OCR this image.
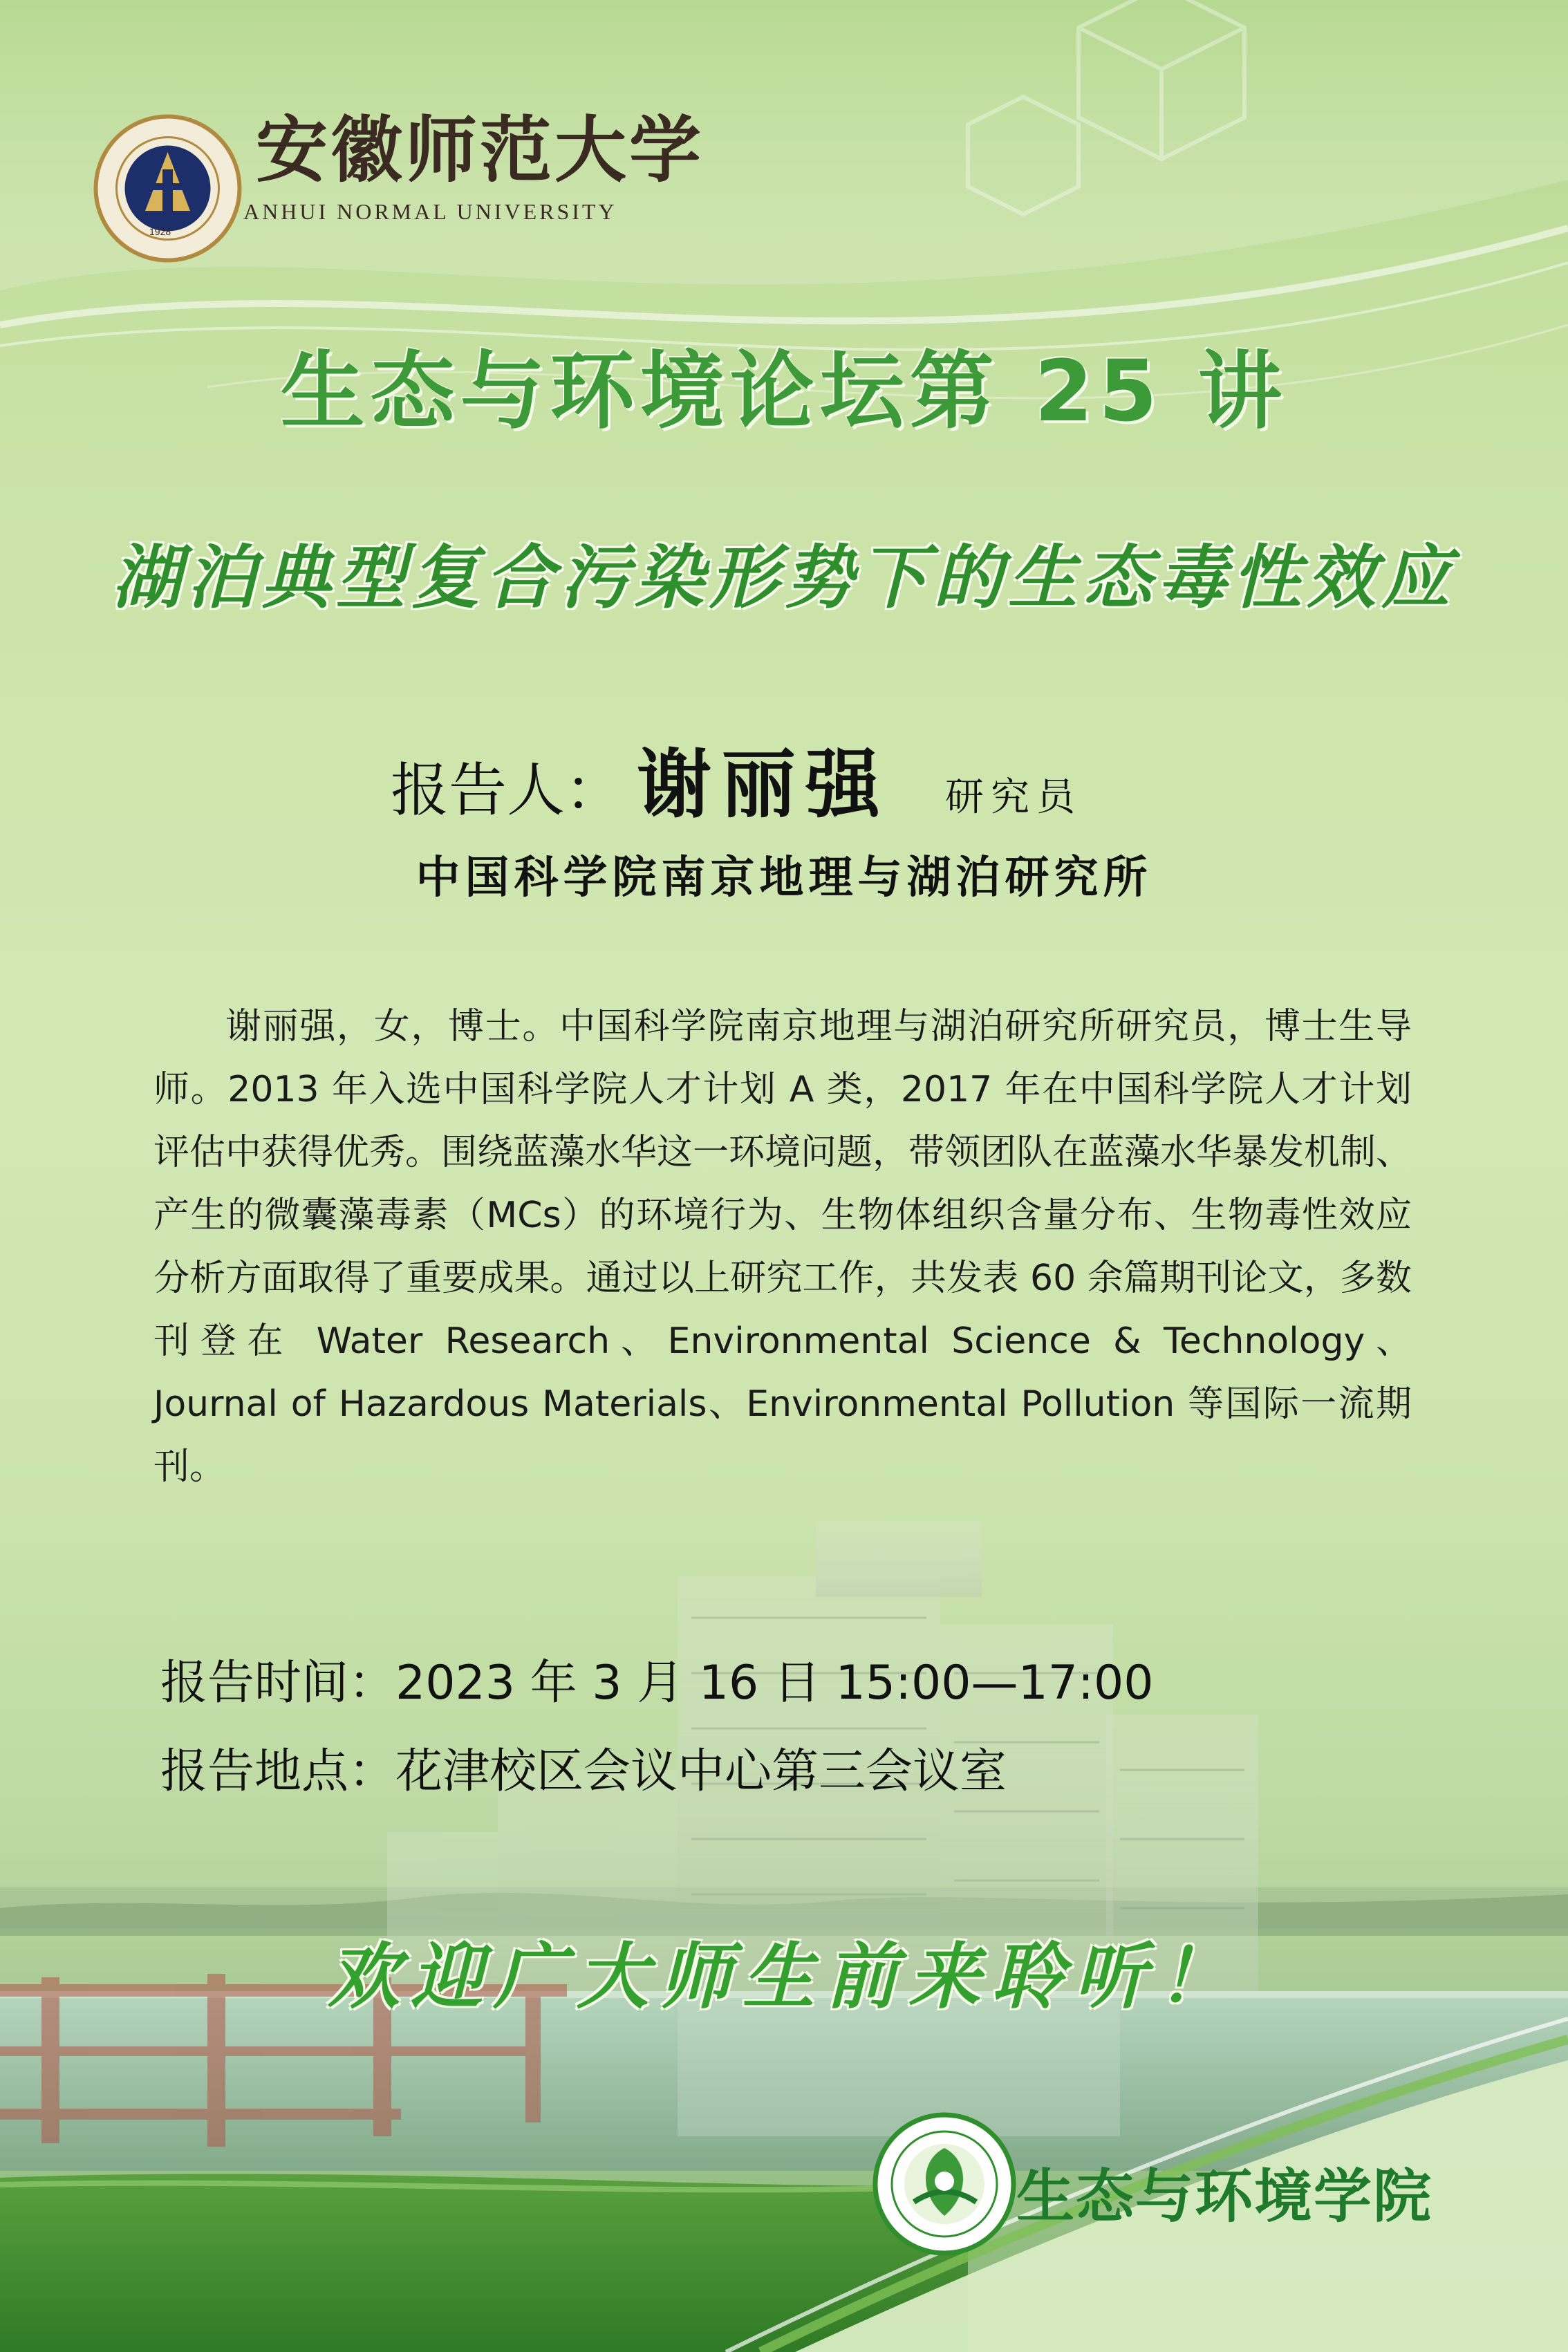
1928
安徽师范大学
ANHUI NORMAL UNIVERSITY
生态与环境论坛第 25 讲
湖泊典型复合污染形势下的生态毒性效应
报告人： 谢丽强 研究员
中国科学院南京地理与湖泊研究所
谢丽强，女，博士。中国科学院南京地理与湖泊研究所研究员，博士生导师。2013 年入选中国科学院人才计划 A 类，2017 年在中国科学院人才计划评估中获得优秀。围绕蓝藻水华这一环境问题，带领团队在蓝藻水华暴发机制、产生的微囊藻毒素（MCs）的环境行为、生物体组织含量分布、生物毒性效应分析方面取得了重要成果。通过以上研究工作，共发表 60 余篇期刊论文，多数刊登在 Water Research、Environmental Science & Technology、Journal of Hazardous Materials、Environmental Pollution 等国际一流期刊。
报告时间：2023 年 3 月 16 日 15:00—17:00
报告地点：花津校区会议中心第三会议室
欢迎广大师生前来聆听！
生态与环境学院
